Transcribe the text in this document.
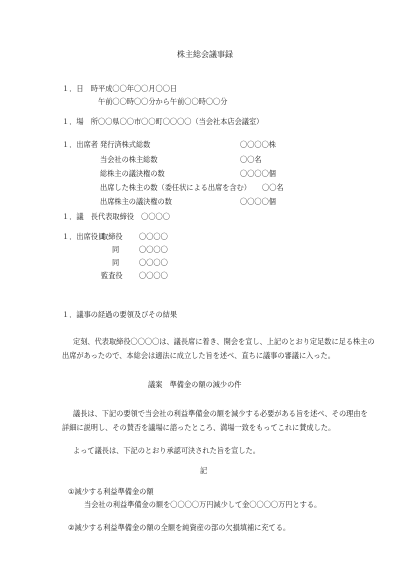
株主総会議事録
１．日　時 平成〇〇年〇〇月〇〇日
午前〇〇時〇〇分から午前〇〇時〇〇分
１．場　所 〇〇県〇〇市〇〇町〇〇〇〇（当会社本店会議室）
１．出席者 発行済株式総数	〇〇〇〇株
当会社の株主総数	〇〇名
総株主の議決権の数	〇〇〇〇個
出席した株主の数（委任状による出席を含む） 〇〇名
出席株主の議決権の数	〇〇〇〇個
１．議　長 代表取締役　〇〇〇〇
１．出席役員
取締役 〇〇〇〇
同	〇〇〇〇
同	〇〇〇〇
監査役 〇〇〇〇
１．議事の経過の要領及びその結果
定刻、代表取締役〇〇〇〇は、議長席に着き、開会を宣し、上記のとおり定足数に足る株主の
出席があったので、本総会は適法に成立した旨を述べ、直ちに議事の審議に入った。
議案　準備金の額の減少の件
議長は、下記の要領で当会社の利益準備金の額を減少する必要がある旨を述べ、その理由を
詳細に説明し、その賛否を議場に諮ったところ、満場一致をもってこれに賛成した。
よって議長は、下記のとおり承認可決された旨を宣した。
記
①減少する利益準備金の額
当会社の利益準備金の額を〇〇〇〇万円減少して金〇〇〇〇万円とする。
②減少する利益準備金の額の全額を純資産の部の欠損填補に充てる。
